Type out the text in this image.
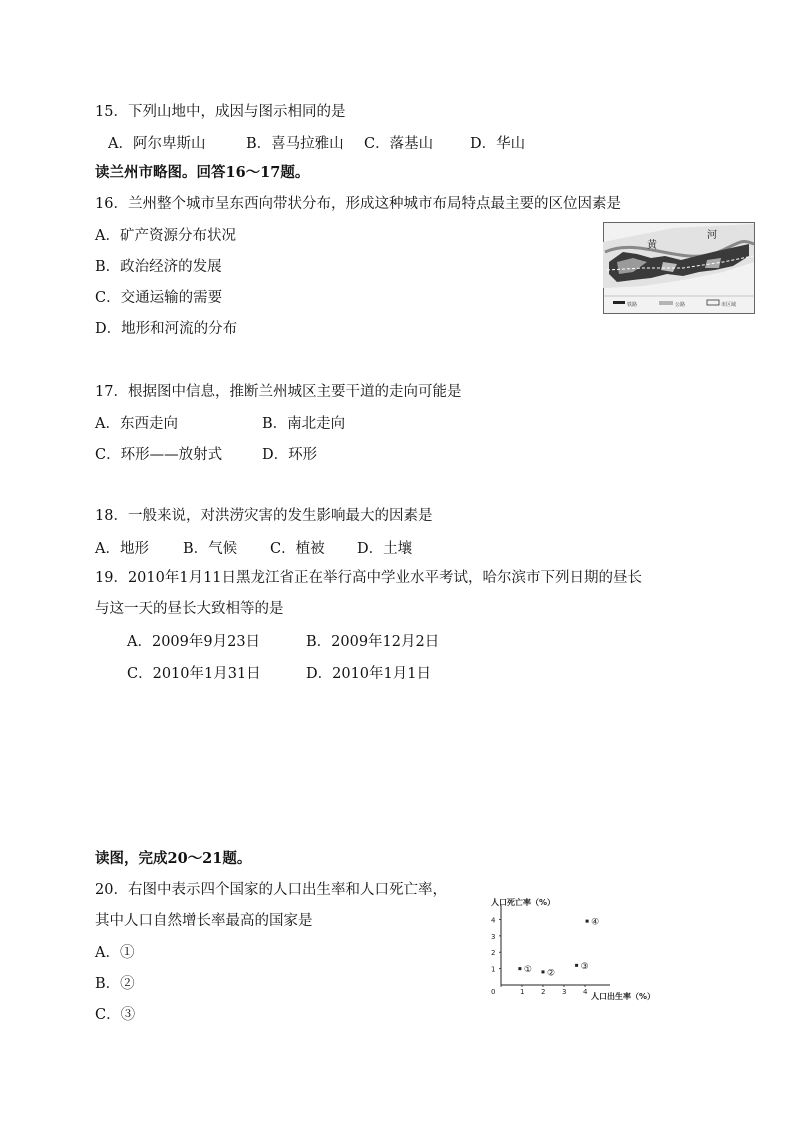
15．下列山地中，成因与图示相同的是
A．阿尔卑斯山	B．喜马拉雅山 C．落基山	D．华山
读兰州市略图。回答16～17题。
16．兰州整个城市呈东西向带状分布，形成这种城市布局特点最主要的区位因素是
A．矿产资源分布状况
B．政治经济的发展
C．交通运输的需要
D．地形和河流的分布
黄
河
铁路	公路	市区域
17．根据图中信息，推断兰州城区主要干道的走向可能是
A．东西走向	B．南北走向
C．环形——放射式	D．环形
18．一般来说，对洪涝灾害的发生影响最大的因素是
A．地形 B．气候 C．植被 D．土壤
19．2010年1月11日黑龙江省正在举行高中学业水平考试，哈尔滨市下列日期的昼长
与这一天的昼长大致相等的是
A．2009年9月23日	B．2009年12月2日
C．2010年1月31日	D．2010年1月1日
读图，完成20～21题。
20．右图中表示四个国家的人口出生率和人口死亡率，
其中人口自然增长率最高的国家是
A．①
B．②
C．③
0	1 2 3 4
1
2
3
4
① ②
③
④
人口死亡率（%）
人口出生率（%）
